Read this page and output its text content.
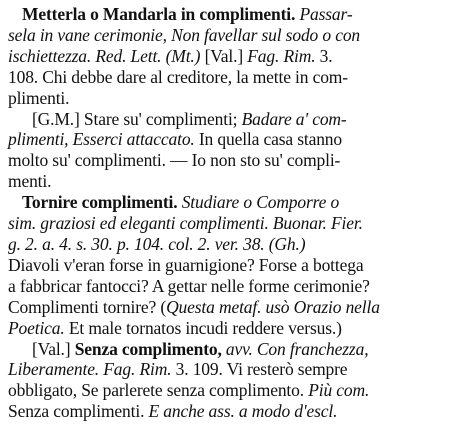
Metterla o Mandarla in complimenti. Passar-
sela in vane cerimonie, Non favellar sul sodo o con
ischiettezza. Red. Lett. (Mt.) [Val.] Fag. Rim. 3.
108. Chi debbe dare al creditore, la mette in com-
plimenti.
[G.M.] Stare su' complimenti; Badare a' com-
plimenti, Esserci attaccato. In quella casa stanno
molto su' complimenti. — Io non sto su' compli-
menti.
Tornire complimenti. Studiare o Comporre o
sim. graziosi ed eleganti complimenti. Buonar. Fier.
g. 2. a. 4. s. 30. p. 104. col. 2. ver. 38. (Gh.)
Diavoli v'eran forse in guarnigione? Forse a bottega
a fabbricar fantocci? A gettar nelle forme cerimonie?
Complimenti tornire? (Questa metaf. usò Orazio nella
Poetica. Et male tornatos incudi reddere versus.)
[Val.] Senza complimento, avv. Con franchezza,
Liberamente. Fag. Rim. 3. 109. Vi resterò sempre
obbligato, Se parlerete senza complimento. Più com.
Senza complimenti. E anche ass. a modo d'escl.
